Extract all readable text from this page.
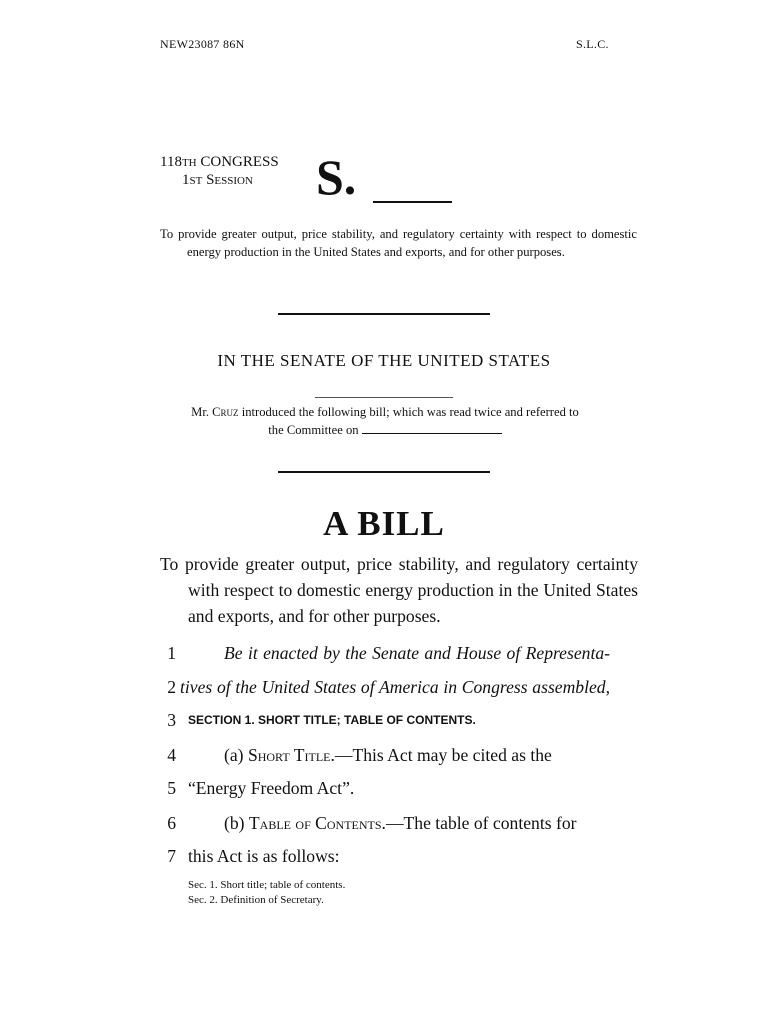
NEW23087 86N	S.L.C.
118TH CONGRESS
1ST Session	S.
To provide greater output, price stability, and regulatory certainty with respect to domestic energy production in the United States and exports, and for other purposes.
IN THE SENATE OF THE UNITED STATES
Mr. Cruz introduced the following bill; which was read twice and referred to
the Committee on
A BILL
To provide greater output, price stability, and regulatory certainty with respect to domestic energy production in the United States and exports, and for other purposes.
1	Be it enacted by the Senate and House of Representa-
2 tives of the United States of America in Congress assembled,
3 SECTION 1. SHORT TITLE; TABLE OF CONTENTS.
4	(a) Short Title.—This Act may be cited as the
5 “Energy Freedom Act”.
6	(b) Table of Contents.—The table of contents for
7 this Act is as follows:
Sec. 1. Short title; table of contents.
Sec. 2. Definition of Secretary.
